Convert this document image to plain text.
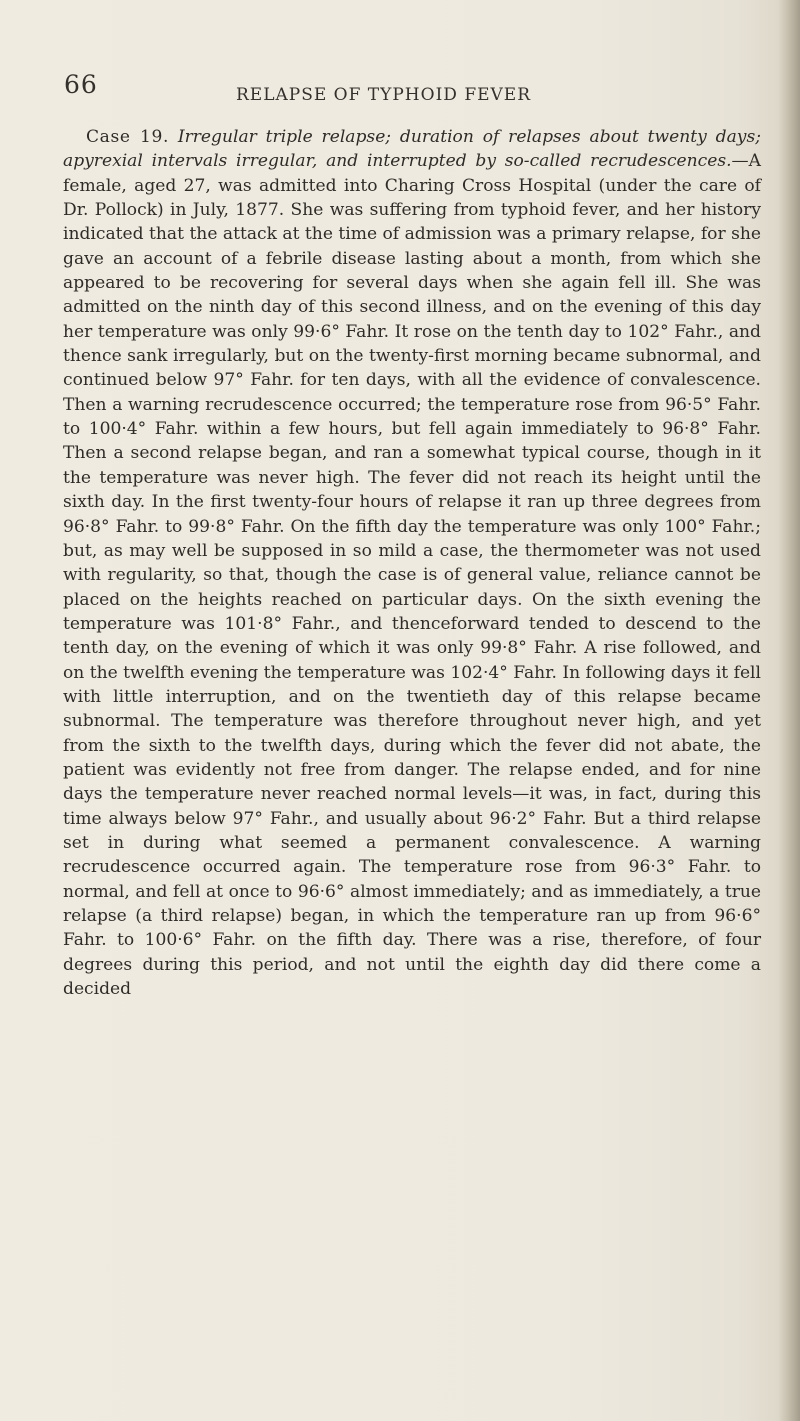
66	RELAPSE OF TYPHOID FEVER

Case 19. Irregular triple relapse; duration of relapses about twenty days; apyrexial intervals irregular, and interrupted by so-called recrudescences.—A female, aged 27, was admitted into Charing Cross Hospital (under the care of Dr. Pollock) in July, 1877. She was suffering from typhoid fever, and her history indicated that the attack at the time of admission was a primary relapse, for she gave an account of a febrile disease lasting about a month, from which she appeared to be recovering for several days when she again fell ill. She was admitted on the ninth day of this second illness, and on the evening of this day her temperature was only 99·6° Fahr. It rose on the tenth day to 102° Fahr., and thence sank irregularly, but on the twenty-first morning became subnormal, and continued below 97° Fahr. for ten days, with all the evidence of convalescence. Then a warning recrudescence occurred; the temperature rose from 96·5° Fahr. to 100·4° Fahr. within a few hours, but fell again immediately to 96·8° Fahr. Then a second relapse began, and ran a somewhat typical course, though in it the temperature was never high. The fever did not reach its height until the sixth day. In the first twenty-four hours of relapse it ran up three degrees from 96·8° Fahr. to 99·8° Fahr. On the fifth day the temperature was only 100° Fahr.; but, as may well be supposed in so mild a case, the thermometer was not used with regularity, so that, though the case is of general value, reliance cannot be placed on the heights reached on particular days. On the sixth evening the temperature was 101·8° Fahr., and thenceforward tended to descend to the tenth day, on the evening of which it was only 99·8° Fahr. A rise followed, and on the twelfth evening the temperature was 102·4° Fahr. In following days it fell with little interruption, and on the twentieth day of this relapse became subnormal. The temperature was therefore throughout never high, and yet from the sixth to the twelfth days, during which the fever did not abate, the patient was evidently not free from danger. The relapse ended, and for nine days the temperature never reached normal levels—it was, in fact, during this time always below 97° Fahr., and usually about 96·2° Fahr. But a third relapse set in during what seemed a permanent convalescence. A warning recrudescence occurred again. The temperature rose from 96·3° Fahr. to normal, and fell at once to 96·6° almost immediately; and as immediately, a true relapse (a third relapse) began, in which the temperature ran up from 96·6° Fahr. to 100·6° Fahr. on the fifth day. There was a rise, therefore, of four degrees during this period, and not until the eighth day did there come a decided
